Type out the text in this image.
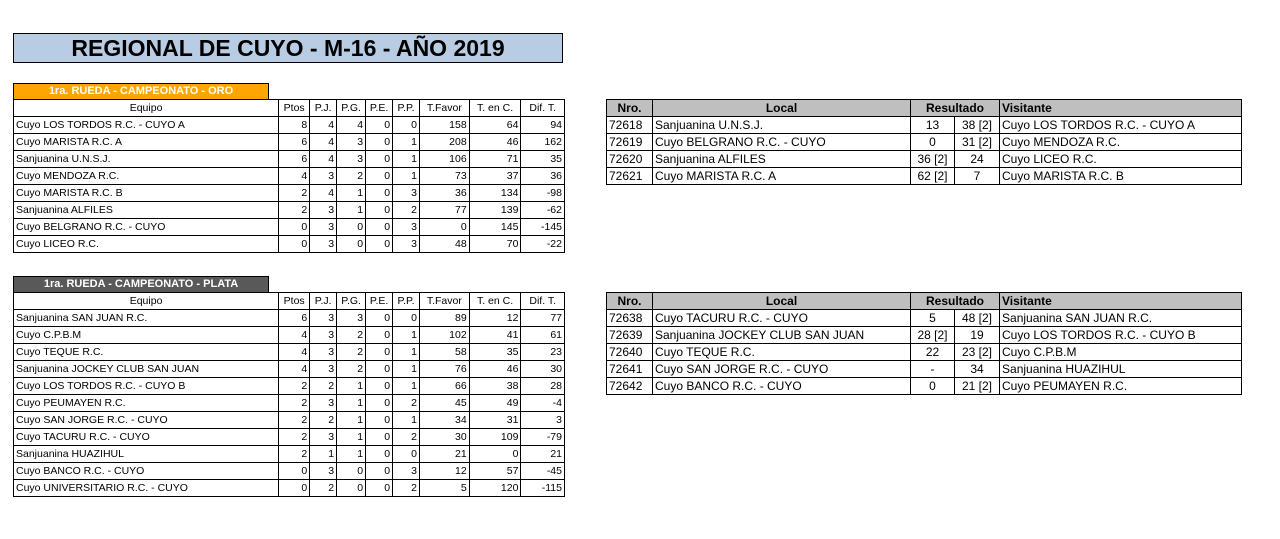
REGIONAL DE CUYO - M-16 - AÑO 2019
1ra. RUEDA - CAMPEONATO - ORO
Equipo	Ptos	P.J.	P.G.	P.E.	P.P.	T.Favor	T. en C.	Dif. T.
Cuyo LOS TORDOS R.C. - CUYO A	8	4	4	0	0	158	64	94
Cuyo MARISTA R.C. A	6	4	3	0	1	208	46	162
Sanjuanina U.N.S.J.	6	4	3	0	1	106	71	35
Cuyo MENDOZA R.C.	4	3	2	0	1	73	37	36
Cuyo MARISTA R.C. B	2	4	1	0	3	36	134	-98
Sanjuanina ALFILES	2	3	1	0	2	77	139	-62
Cuyo BELGRANO R.C. - CUYO	0	3	0	0	3	0	145	-145
Cuyo LICEO R.C.	0	3	0	0	3	48	70	-22
Nro.	Local	Resultado		Visitante
72618	Sanjuanina U.N.S.J.	13	38 [2]	Cuyo LOS TORDOS R.C. - CUYO A
72619	Cuyo BELGRANO R.C. - CUYO	0	31 [2]	Cuyo MENDOZA R.C.
72620	Sanjuanina ALFILES	36 [2]	24	Cuyo LICEO R.C.
72621	Cuyo MARISTA R.C. A	62 [2]	7	Cuyo MARISTA R.C. B
1ra. RUEDA - CAMPEONATO - PLATA
Equipo	Ptos	P.J.	P.G.	P.E.	P.P.	T.Favor	T. en C.	Dif. T.
Sanjuanina SAN JUAN R.C.	6	3	3	0	0	89	12	77
Cuyo C.P.B.M	4	3	2	0	1	102	41	61
Cuyo TEQUE R.C.	4	3	2	0	1	58	35	23
Sanjuanina JOCKEY CLUB SAN JUAN	4	3	2	0	1	76	46	30
Cuyo LOS TORDOS R.C. - CUYO B	2	2	1	0	1	66	38	28
Cuyo PEUMAYEN R.C.	2	3	1	0	2	45	49	-4
Cuyo SAN JORGE R.C. - CUYO	2	2	1	0	1	34	31	3
Cuyo TACURU R.C. - CUYO	2	3	1	0	2	30	109	-79
Sanjuanina HUAZIHUL	2	1	1	0	0	21	0	21
Cuyo BANCO R.C. - CUYO	0	3	0	0	3	12	57	-45
Cuyo UNIVERSITARIO R.C. - CUYO	0	2	0	0	2	5	120	-115
Nro.	Local	Resultado		Visitante
72638	Cuyo TACURU R.C. - CUYO	5	48 [2]	Sanjuanina SAN JUAN R.C.
72639	Sanjuanina JOCKEY CLUB SAN JUAN	28 [2]	19	Cuyo LOS TORDOS R.C. - CUYO B
72640	Cuyo TEQUE R.C.	22	23 [2]	Cuyo C.P.B.M
72641	Cuyo SAN JORGE R.C. - CUYO	-	34	Sanjuanina HUAZIHUL
72642	Cuyo BANCO R.C. - CUYO	0	21 [2]	Cuyo PEUMAYEN R.C.
